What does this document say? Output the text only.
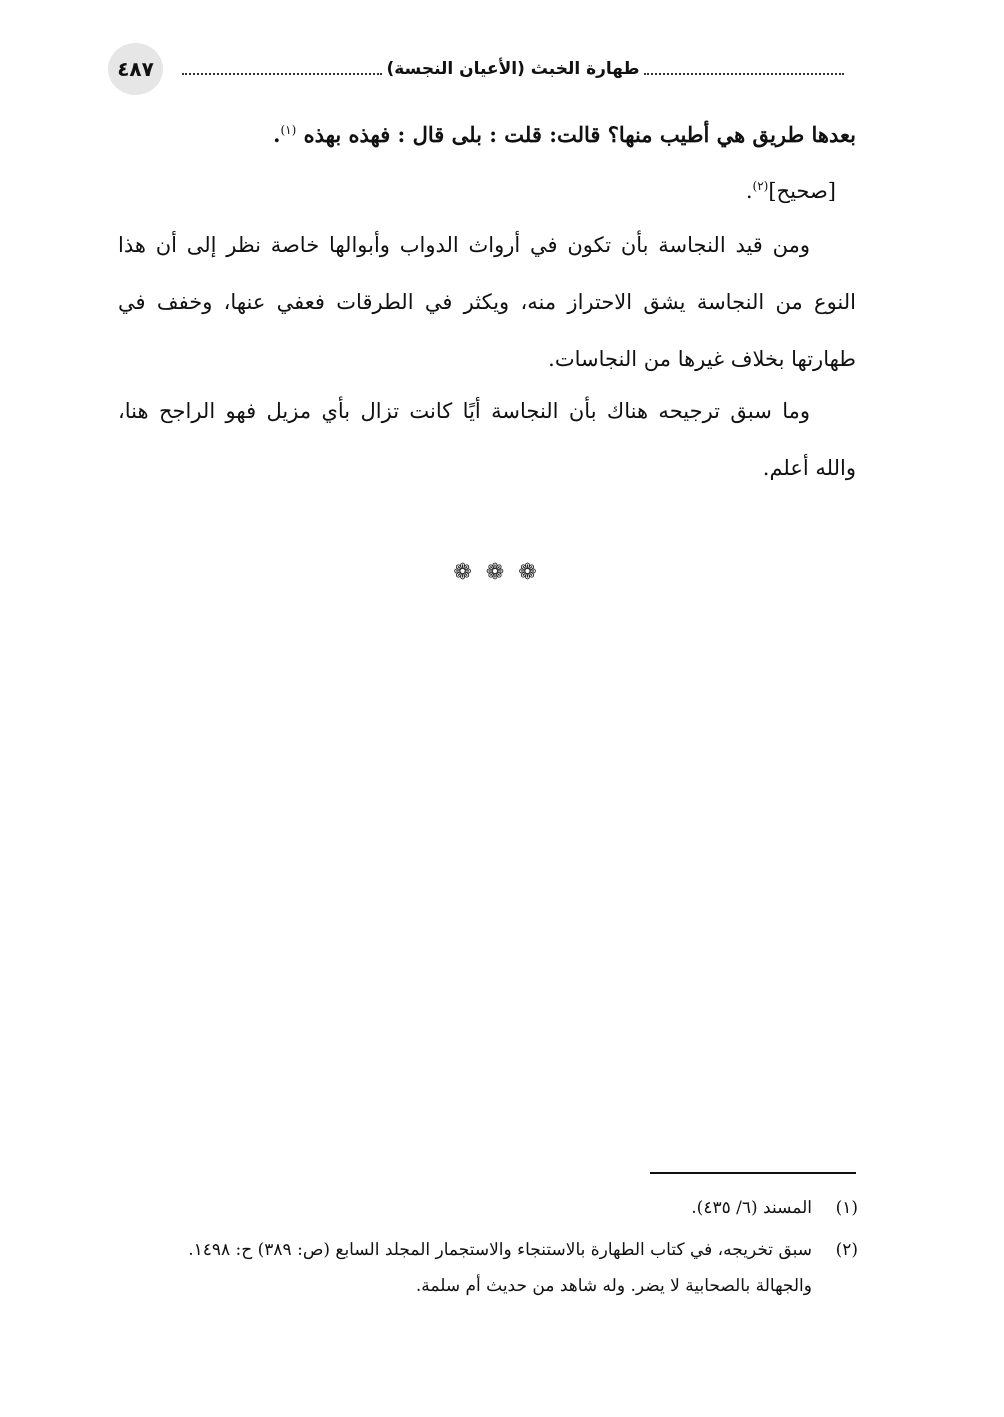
٤٨٧	طهارة الخبث (الأعيان النجسة)
بعدها طريق هي أطيب منها؟ قالت: قلت : بلى قال : فهذه بهذه $^{(١)}$.
[صحيح]$^{(٢)}$.
ومن قيد النجاسة بأن تكون في أرواث الدواب وأبوالها خاصة نظر إلى أن هذا
النوع من النجاسة يشق الاحتراز منه، ويكثر في الطرقات فعفي عنها، وخفف في
طهارتها بخلاف غيرها من النجاسات.
وما سبق ترجيحه هناك بأن النجاسة أيًا كانت تزال بأي مزيل فهو الراجح هنا،
والله أعلم.
❁❁❁
(١)
المسند (٦/ ٤٣٥).
(٢)
سبق تخريجه، في كتاب الطهارة بالاستنجاء والاستجمار المجلد السابع (ص: ٣٨٩) ح: ١٤٩٨.
والجهالة بالصحابية لا يضر. وله شاهد من حديث أم سلمة.
